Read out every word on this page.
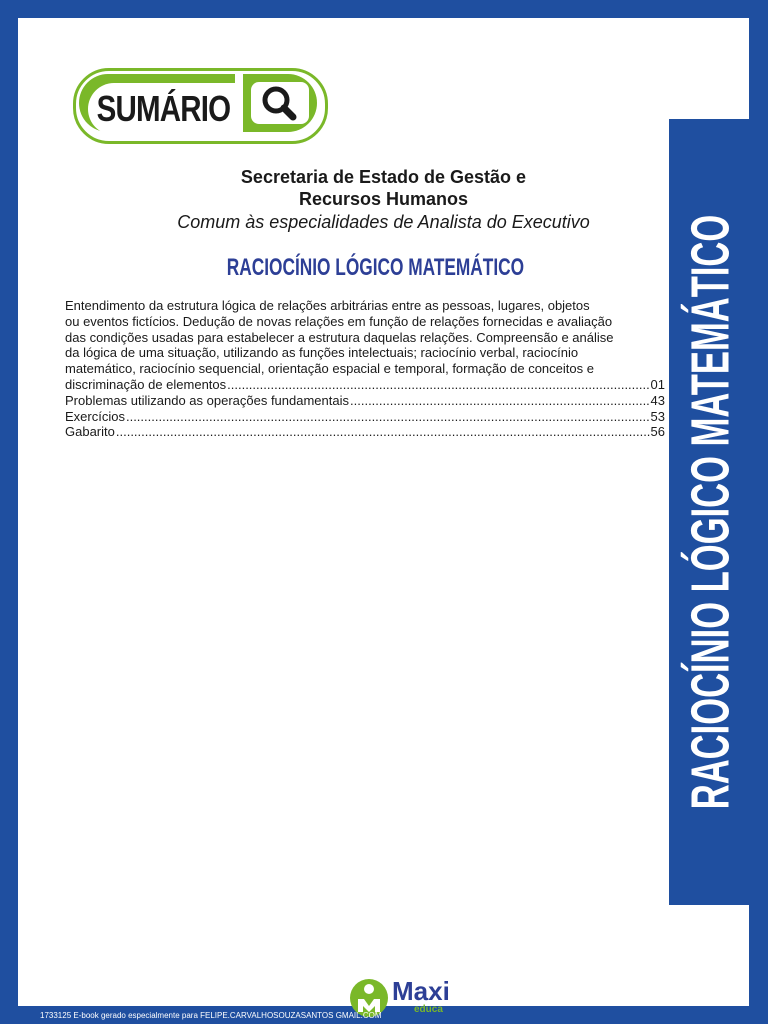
SUMÁRIO
Secretaria de Estado de Gestão e Recursos Humanos
Comum às especialidades de Analista do Executivo
RACIOCÍNIO LÓGICO MATEMÁTICO
Entendimento da estrutura lógica de relações arbitrárias entre as pessoas, lugares, objetos
ou eventos fictícios. Dedução de novas relações em função de relações fornecidas e avaliação
das condições usadas para estabelecer a estrutura daquelas relações. Compreensão e análise
da lógica de uma situação, utilizando as funções intelectuais; raciocínio verbal, raciocínio
matemático, raciocínio sequencial, orientação espacial e temporal, formação de conceitos e
discriminação de elementos .....	01
Problemas utilizando as operações fundamentais .....	43
Exercícios .....	53
Gabarito .....	56
Maxi
educa
RACIOCÍNIO LÓGICO MATEMÁTICO
1733125 E-book gerado especialmente para FELIPE.CARVALHOSOUZASANTOS GMAIL.COM
